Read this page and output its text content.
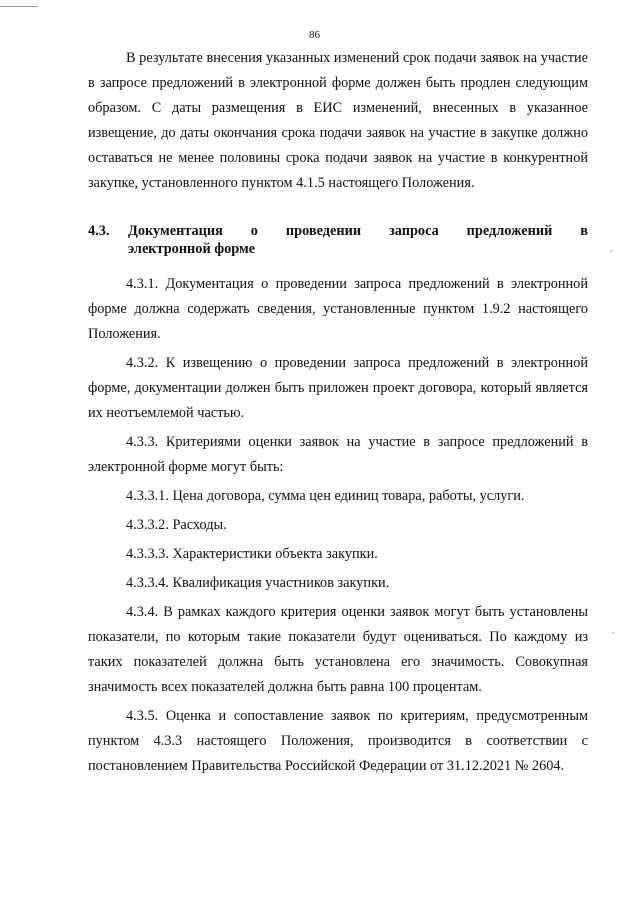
86

В результате внесения указанных изменений срок подачи заявок на участие в запросе предложений в электронной форме должен быть продлен следующим образом. С даты размещения в ЕИС изменений, внесенных в указанное извещение, до даты окончания срока подачи заявок на участие в закупке должно оставаться не менее половины срока подачи заявок на участие в конкурентной закупке, установленного пунктом 4.1.5 настоящего Положения.

4.3.	Документация о проведении запроса предложений в
электронной форме

4.3.1. Документация о проведении запроса предложений в электронной форме должна содержать сведения, установленные пунктом 1.9.2 настоящего Положения.

4.3.2. К извещению о проведении запроса предложений в электронной форме, документации должен быть приложен проект договора, который является их неотъемлемой частью.

4.3.3. Критериями оценки заявок на участие в запросе предложений в электронной форме могут быть:

4.3.3.1. Цена договора, сумма цен единиц товара, работы, услуги.

4.3.3.2. Расходы.

4.3.3.3. Характеристики объекта закупки.

4.3.3.4. Квалификация участников закупки.

4.3.4. В рамках каждого критерия оценки заявок могут быть установлены показатели, по которым такие показатели будут оцениваться. По каждому из таких показателей должна быть установлена его значимость. Совокупная значимость всех показателей должна быть равна 100 процентам.

4.3.5. Оценка и сопоставление заявок по критериям, предусмотренным пунктом 4.3.3 настоящего Положения, производится в соответствии с постановлением Правительства Российской Федерации от 31.12.2021 № 2604.
